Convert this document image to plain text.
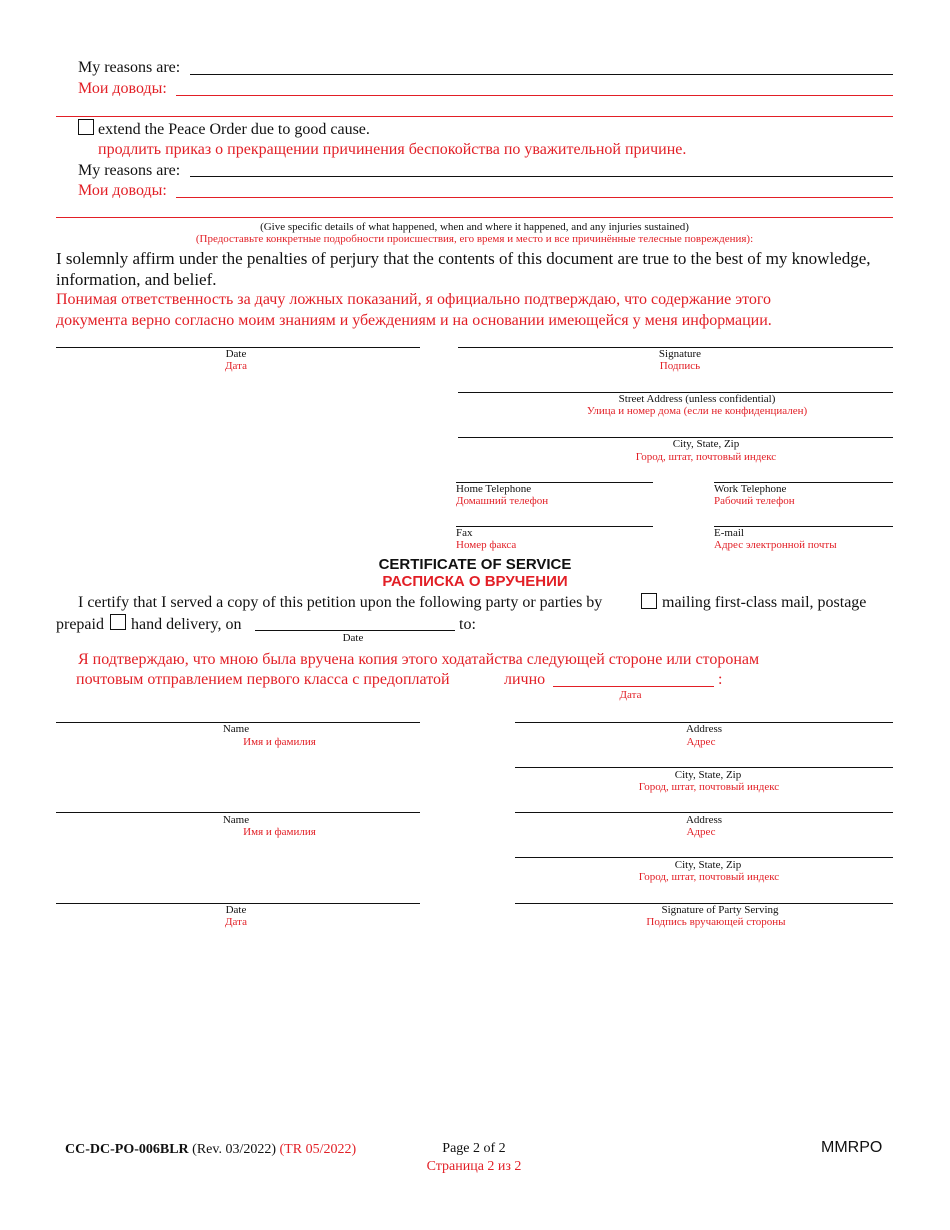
My reasons are:
Мои доводы:
extend the Peace Order due to good cause.
продлить приказ о прекращении причинения беспокойства по уважительной причине.
My reasons are:
Мои доводы:
(Give specific details of what happened, when and where it happened, and any injuries sustained)
(Предоставьте конкретные подробности происшествия, его время и место и все причинённые телесные повреждения):
I solemnly affirm under the penalties of perjury that the contents of this document are true to the best of my knowledge,
information, and belief.
Понимая ответственность за дачу ложных показаний, я официально подтверждаю, что содержание этого
документа верно согласно моим знаниям и убеждениям и на основании имеющейся у меня информации.
Date
Дата
Signature
Подпись
Street Address (unless confidential)
Улица и номер дома (если не конфиденциален)
City, State, Zip
Город, штат, почтовый индекс
Home Telephone
Домашний телефон
Work Telephone
Рабочий телефон
Fax
Номер факса
E-mail
Адрес электронной почты
CERTIFICATE OF SERVICE
РАСПИСКА О ВРУЧЕНИИ
I certify that I served a copy of this petition upon the following party or parties by	mailing first-class mail, postage
prepaid hand delivery, on	to:
Date
Я подтверждаю, что мною была вручена копия этого ходатайства следующей стороне или сторонам
почтовым отправлением первого класса с предоплатой	лично	:
Дата
Name
Имя и фамилия
Address
Адрес
City, State, Zip
Город, штат, почтовый индекс
Name
Имя и фамилия
Address
Адрес
City, State, Zip
Город, штат, почтовый индекс
Date
Дата
Signature of Party Serving
Подпись вручающей стороны
CC-DC-PO-006BLR (Rev. 03/2022) (TR 05/2022)	Page 2 of 2
Страница 2 из 2
MMRPO
